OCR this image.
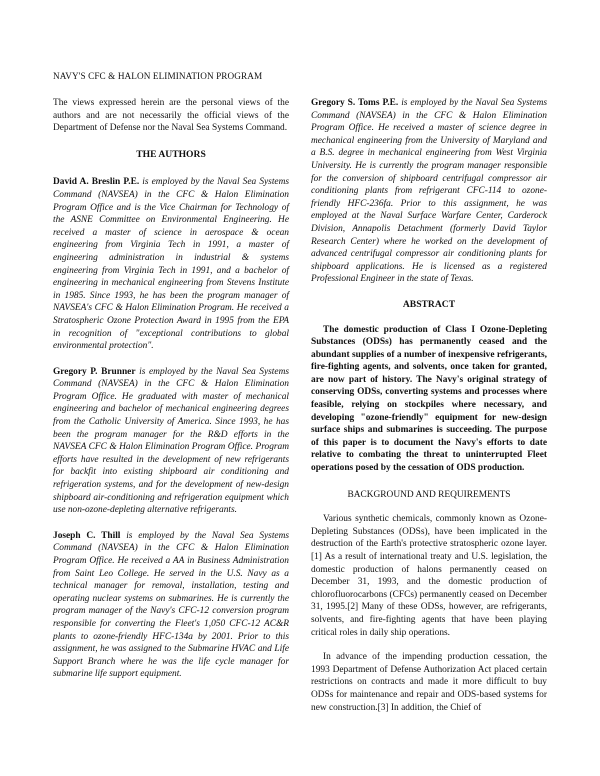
NAVY'S CFC & HALON ELIMINATION PROGRAM

The views expressed herein are the personal views of the authors and are not necessarily the official views of the Department of Defense nor the Naval Sea Systems Command.

THE AUTHORS

David A. Breslin P.E. is employed by the Naval Sea Systems Command (NAVSEA) in the CFC & Halon Elimination Program Office and is the Vice Chairman for Technology of the ASNE Committee on Environmental Engineering. He received a master of science in aerospace & ocean engineering from Virginia Tech in 1991, a master of engineering administration in industrial & systems engineering from Virginia Tech in 1991, and a bachelor of engineering in mechanical engineering from Stevens Institute in 1985. Since 1993, he has been the program manager of NAVSEA's CFC & Halon Elimination Program. He received a Stratospheric Ozone Protection Award in 1995 from the EPA in recognition of "exceptional contributions to global environmental protection".

Gregory P. Brunner is employed by the Naval Sea Systems Command (NAVSEA) in the CFC & Halon Elimination Program Office. He graduated with master of mechanical engineering and bachelor of mechanical engineering degrees from the Catholic University of America. Since 1993, he has been the program manager for the R&D efforts in the NAVSEA CFC & Halon Elimination Program Office. Program efforts have resulted in the development of new refrigerants for backfit into existing shipboard air conditioning and refrigeration systems, and for the development of new-design shipboard air-conditioning and refrigeration equipment which use non-ozone-depleting alternative refrigerants.

Joseph C. Thill is employed by the Naval Sea Systems Command (NAVSEA) in the CFC & Halon Elimination Program Office. He received a AA in Business Administration from Saint Leo College. He served in the U.S. Navy as a technical manager for removal, installation, testing and operating nuclear systems on submarines. He is currently the program manager of the Navy's CFC-12 conversion program responsible for converting the Fleet's 1,050 CFC-12 AC&R plants to ozone-friendly HFC-134a by 2001. Prior to this assignment, he was assigned to the Submarine HVAC and Life Support Branch where he was the life cycle manager for submarine life support equipment.

Gregory S. Toms P.E. is employed by the Naval Sea Systems Command (NAVSEA) in the CFC & Halon Elimination Program Office. He received a master of science degree in mechanical engineering from the University of Maryland and a B.S. degree in mechanical engineering from West Virginia University. He is currently the program manager responsible for the conversion of shipboard centrifugal compressor air conditioning plants from refrigerant CFC-114 to ozone-friendly HFC-236fa. Prior to this assignment, he was employed at the Naval Surface Warfare Center, Carderock Division, Annapolis Detachment (formerly David Taylor Research Center) where he worked on the development of advanced centrifugal compressor air conditioning plants for shipboard applications. He is licensed as a registered Professional Engineer in the state of Texas.

ABSTRACT

The domestic production of Class I Ozone-Depleting Substances (ODSs) has permanently ceased and the abundant supplies of a number of inexpensive refrigerants, fire-fighting agents, and solvents, once taken for granted, are now part of history. The Navy's original strategy of conserving ODSs, converting systems and processes where feasible, relying on stockpiles where necessary, and developing "ozone-friendly" equipment for new-design surface ships and submarines is succeeding. The purpose of this paper is to document the Navy's efforts to date relative to combating the threat to uninterrupted Fleet operations posed by the cessation of ODS production.

BACKGROUND AND REQUIREMENTS

Various synthetic chemicals, commonly known as Ozone-Depleting Substances (ODSs), have been implicated in the destruction of the Earth's protective stratospheric ozone layer.[1] As a result of international treaty and U.S. legislation, the domestic production of halons permanently ceased on December 31, 1993, and the domestic production of chlorofluorocarbons (CFCs) permanently ceased on December 31, 1995.[2] Many of these ODSs, however, are refrigerants, solvents, and fire-fighting agents that have been playing critical roles in daily ship operations.

In advance of the impending production cessation, the 1993 Department of Defense Authorization Act placed certain restrictions on contracts and made it more difficult to buy ODSs for maintenance and repair and ODS-based systems for new construction.[3] In addition, the Chief of
